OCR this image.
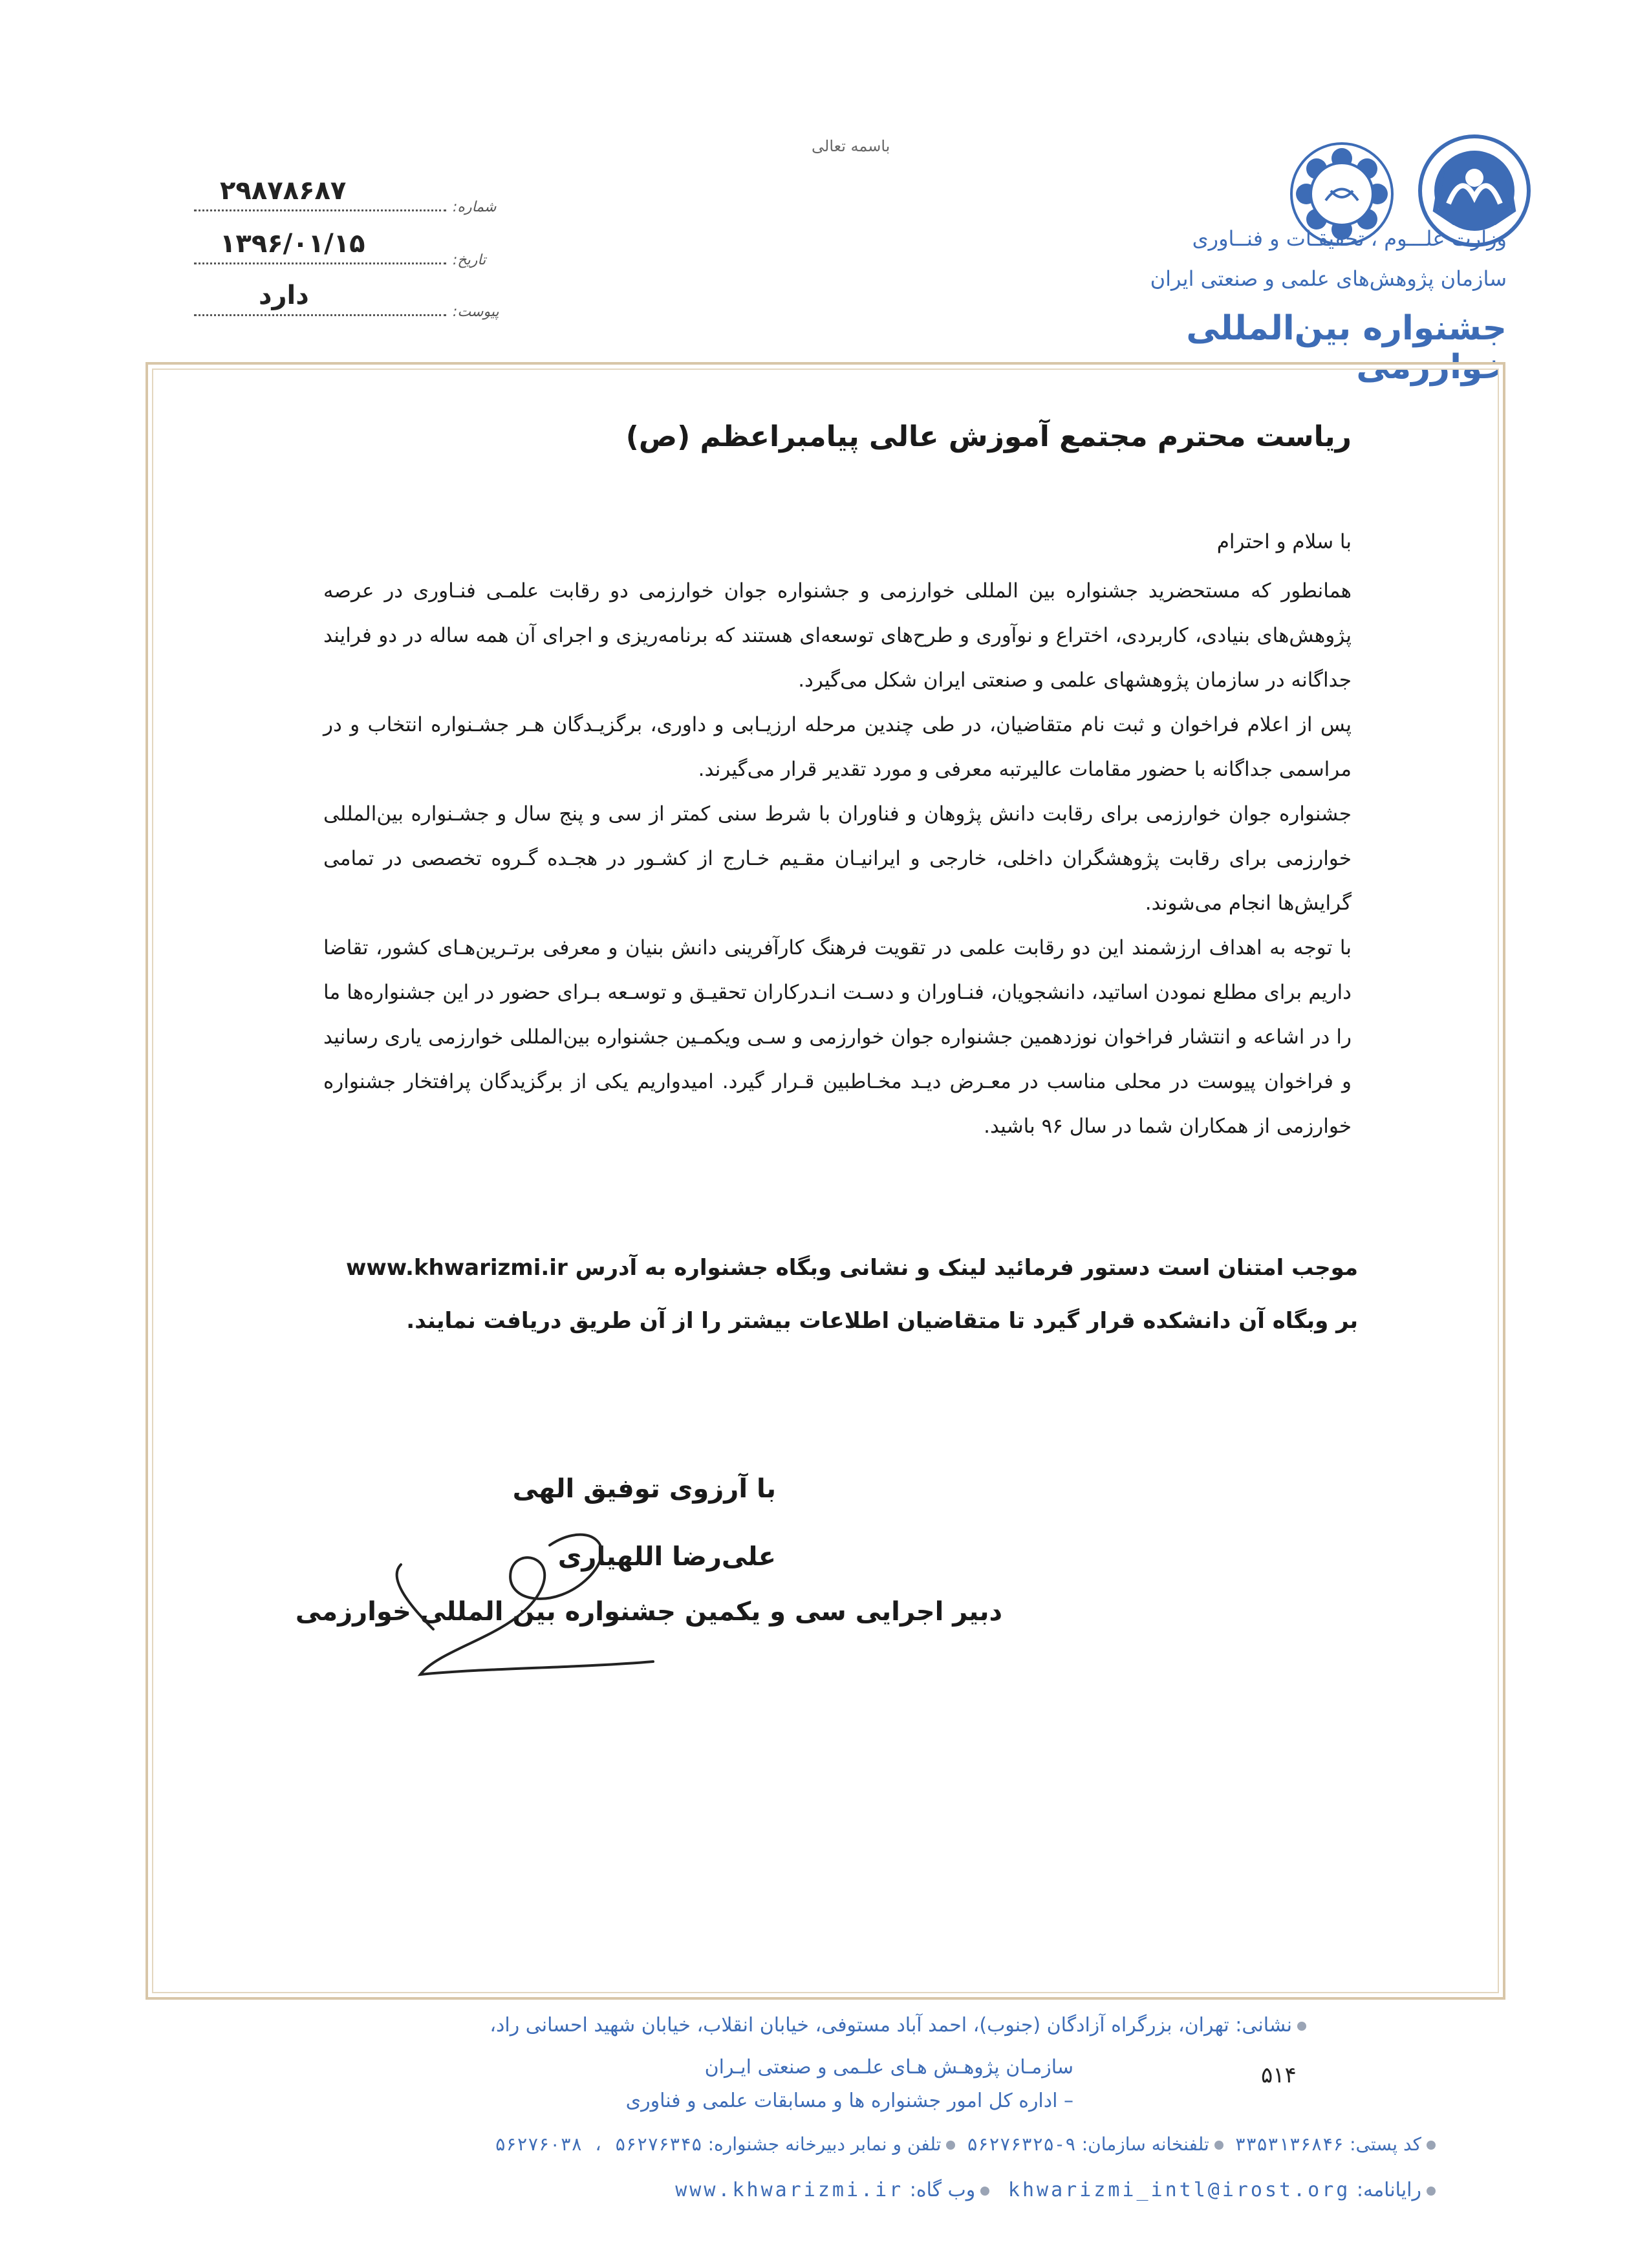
باسمه تعالی
شماره:
۲۹۸۷۸۶۸۷
تاریخ:
۱۳۹۶/۰۱/۱۵
پیوست:
دارد
وزارت علـــوم ، تحقیقـات و فنــاوری
سازمان پژوهش‌های علمی و صنعتی ایران
جشنواره بین‌المللی خوارزمی
ریاست محترم مجتمع آموزش عالی پیامبراعظم (ص)
با سلام و احترام

همانطور که مستحضرید جشنواره بین المللی خوارزمی و جشنواره جوان خوارزمی دو رقابت علمـی فنـاوری در عرصه پژوهش‌های بنیادی، کاربردی، اختراع و نوآوری و طرح‌های توسعه‌ای هستند که برنامه‌ریزی و اجرای آن همه ساله در دو فرایند جداگانه در سازمان پژوهشهای علمی و صنعتی ایران شکل می‌گیرد.

پس از اعلام فراخوان و ثبت نام متقاضیان، در طی چندین مرحله ارزیـابی و داوری، برگزیـدگان هـر جشـنواره انتخاب و در مراسمی جداگانه با حضور مقامات عالیرتبه معرفی و مورد تقدیر قرار می‌گیرند.

جشنواره جوان خوارزمی برای رقابت دانش پژوهان و فناوران با شرط سنی کمتر از سی و پنج سال و جشـنواره بین‌المللی خوارزمی برای رقابت پژوهشگران داخلی، خارجی و ایرانیـان مقـیم خـارج از کشـور در هجـده گـروه تخصصی در تمامی گرایش‌ها انجام می‌شوند.

با توجه به اهداف ارزشمند این دو رقابت علمی در تقویت فرهنگ کارآفرینی دانش بنیان و معرفی برتـرین‌هـای کشور، تقاضا داریم برای مطلع نمودن اساتید، دانشجویان، فنـاوران و دسـت انـدرکاران تحقیـق و توسـعه بـرای حضور در این جشنواره‌ها ما را در اشاعه و انتشار فراخوان نوزدهمین جشنواره جوان خوارزمی و سـی ویکمـین جشنواره بین‌المللی خوارزمی یاری رسانید و فراخوان پیوست در محلی مناسب در معـرض دیـد مخـاطبین قـرار گیرد. امیدواریم یکی از برگزیدگان پرافتخار جشنواره خوارزمی از همکاران شما در سال ۹۶ باشید.

موجب امتنان است دستور فرمائید لینک و نشانی وبگاه جشنواره به آدرس www.khwarizmi.ir
بر وبگاه آن دانشکده قرار گیرد تا متقاضیان اطلاعات بیشتر را از آن طریق دریافت نمایند.
با آرزوی توفیق الهی
علی‌رضا اللهیاری
دبیر اجرایی سی و یکمین جشنواره بین المللی خوارزمی
نشانی: تهران، بزرگراه آزادگان (جنوب)، احمد آباد مستوفی، خیابان انقلاب، خیابان شهید احسانی راد،
۵۱۴
سازمـان پژوهـش هـای علـمی و صنعتی ایـران
– اداره کل امور جشنواره ها و مسابقات علمی و فناوری
کد پستی: ۳۳۵۳۱۳۶۸۴۶  تلفنخانه سازمان: ۹-۵۶۲۷۶۳۲۵  تلفن و نمابر دبیرخانه جشنواره: ۵۶۲۷۶۳۴۵ ، ۵۶۲۷۶۰۳۸
رایانامه: khwarizmi_intl@irost.org   وب گاه: www.khwarizmi.ir
